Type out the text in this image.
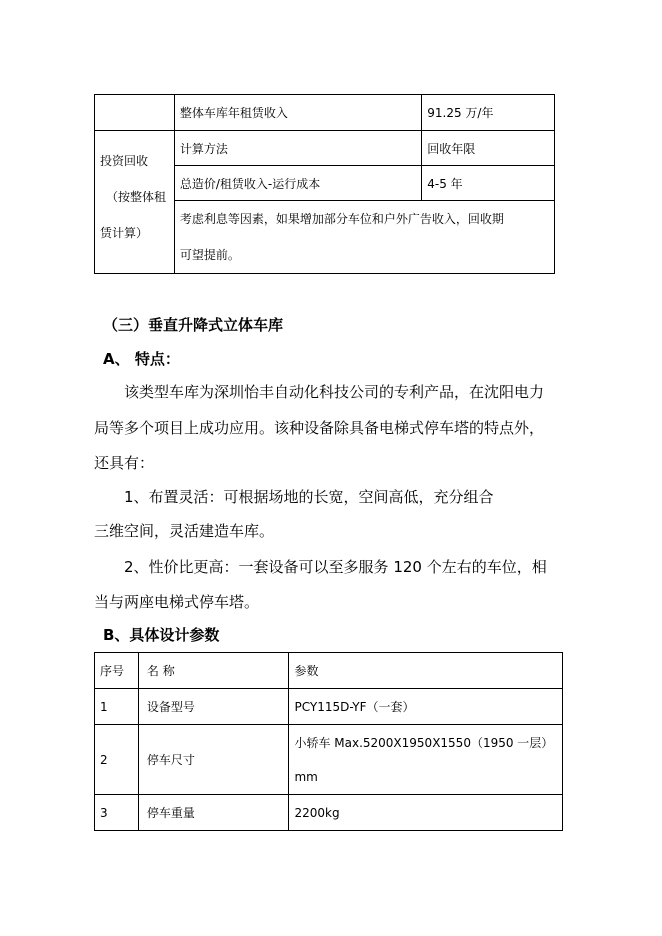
	整体车库年租赁收入	91.25 万/年

投资回收
（按整体租
赁计算）	计算方法	回收年限
	总造价/租赁收入-运行成本	4-5 年

	考虑利息等因素，如果增加部分车位和户外广告收入，回收期
可望提前。	
（三）垂直升降式立体车库
A、 特点：
该类型车库为深圳怡丰自动化科技公司的专利产品，在沈阳电力
局等多个项目上成功应用。该种设备除具备电梯式停车塔的特点外，
还具有：
1、布置灵活：可根据场地的长宽，空间高低，充分组合
三维空间，灵活建造车库。
2、性价比更高：一套设备可以至多服务 120 个左右的车位，相
当与两座电梯式停车塔。
B、具体设计参数
序号	名 称	参数
1	设备型号	PCY115D-YF（一套）
2	停车尺寸	小轿车 Max.5200X1950X1550（1950 一层）
mm

3	停车重量	2200kg
